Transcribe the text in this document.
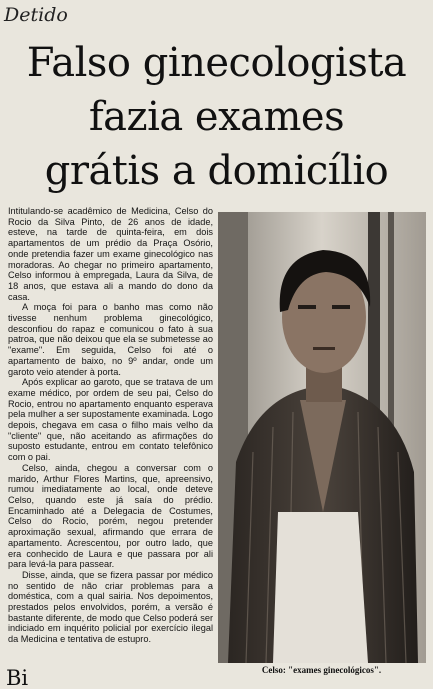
Detido
Falso ginecologista
fazia exames
grátis a domicílio

Intitulando-se acadêmico de Medicina, Celso do Rocio da Silva Pinto, de 26 anos de idade, esteve, na tarde de quinta-feira, em dois apartamentos de um prédio da Praça Osório, onde pretendia fazer um exame ginecológico nas moradoras. Ao chegar no primeiro apartamento, Celso informou à empregada, Laura da Silva, de 18 anos, que estava ali a mando do dono da casa.

A moça foi para o banho mas como não tivesse nenhum problema ginecológico, desconfiou do rapaz e comunicou o fato à sua patroa, que não deixou que ela se submetesse ao "exame". Em seguida, Celso foi até o apartamento de baixo, no 9º andar, onde um garoto veio atender à porta.

Após explicar ao garoto, que se tratava de um exame médico, por ordem de seu pai, Celso do Rocio, entrou no apartamento enquanto esperava pela mulher a ser supostamente examinada. Logo depois, chegava em casa o filho mais velho da "cliente" que, não aceitando as afirmações do suposto estudante, entrou em contato telefônico com o pai.

Celso, ainda, chegou a conversar com o marido, Arthur Flores Martins, que, apreensivo, rumou imediatamente ao local, onde deteve Celso, quando este já saía do prédio. Encaminhado até a Delegacia de Costumes, Celso do Rocio, porém, negou pretender aproximação sexual, afirmando que errara de apartamento. Acrescentou, por outro lado, que era conhecido de Laura e que passara por ali para levá-la para passear.

Disse, ainda, que se fizera passar por médico no sentido de não criar problemas para a doméstica, com a qual sairia. Nos depoimentos, prestados pelos envolvidos, porém, a versão é bastante diferente, de modo que Celso poderá ser indiciado em inquérito policial por exercício ilegal da Medicina e tentativa de estupro.

Celso: "exames ginecológicos".
Bi
